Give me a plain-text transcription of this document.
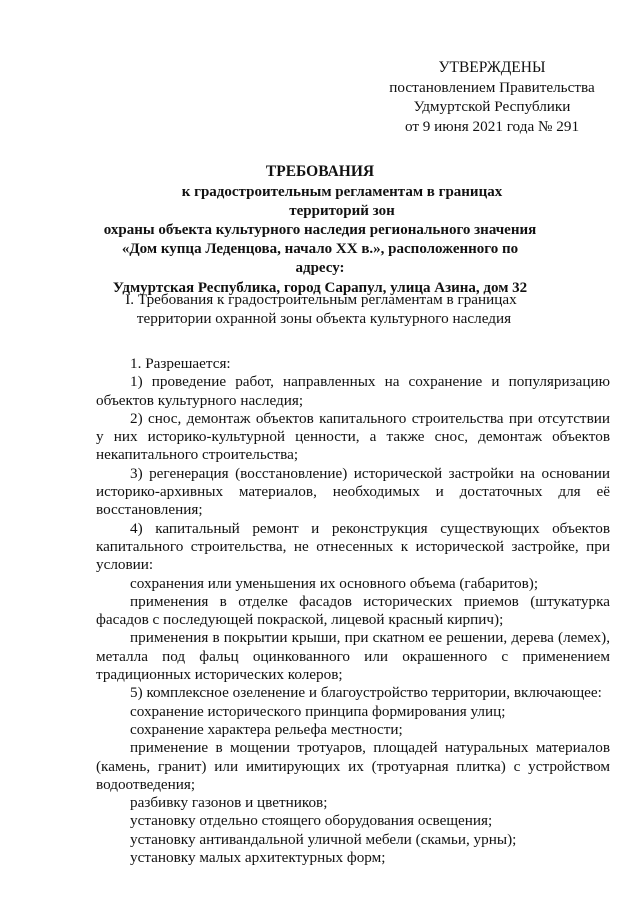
УТВЕРЖДЕНЫ
постановлением Правительства
Удмуртской Республики
от 9 июня 2021 года № 291
ТРЕБОВАНИЯ
к градостроительным регламентам в границах территорий зон
охраны объекта культурного наследия регионального значения
«Дом купца Леденцова, начало XX в.», расположенного по адресу:
Удмуртская Республика, город Сарапул, улица Азина, дом 32
I. Требования к градостроительным регламентам в границах
территории охранной зоны объекта культурного наследия

1. Разрешается:

1) проведение работ, направленных на сохранение и популяризацию объектов культурного наследия;

2) снос, демонтаж объектов капитального строительства при отсутствии у них историко-культурной ценности, а также снос, демонтаж объектов некапитального строительства;

3) регенерация (восстановление) исторической застройки на основании историко-архивных материалов, необходимых и достаточных для её восстановления;

4) капитальный ремонт и реконструкция существующих объектов капитального строительства, не отнесенных к исторической застройке, при условии:

сохранения или уменьшения их основного объема (габаритов);

применения в отделке фасадов исторических приемов (штукатурка фасадов с последующей покраской, лицевой красный кирпич);

применения в покрытии крыши, при скатном ее решении, дерева (лемех), металла под фальц оцинкованного или окрашенного с применением традиционных исторических колеров;

5) комплексное озеленение и благоустройство территории, включающее:

сохранение исторического принципа формирования улиц;

сохранение характера рельефа местности;

применение в мощении тротуаров, площадей натуральных материалов (камень, гранит) или имитирующих их (тротуарная плитка) с устройством водоотведения;

разбивку газонов и цветников;

установку отдельно стоящего оборудования освещения;

установку антивандальной уличной мебели (скамьи, урны);

установку малых архитектурных форм;
